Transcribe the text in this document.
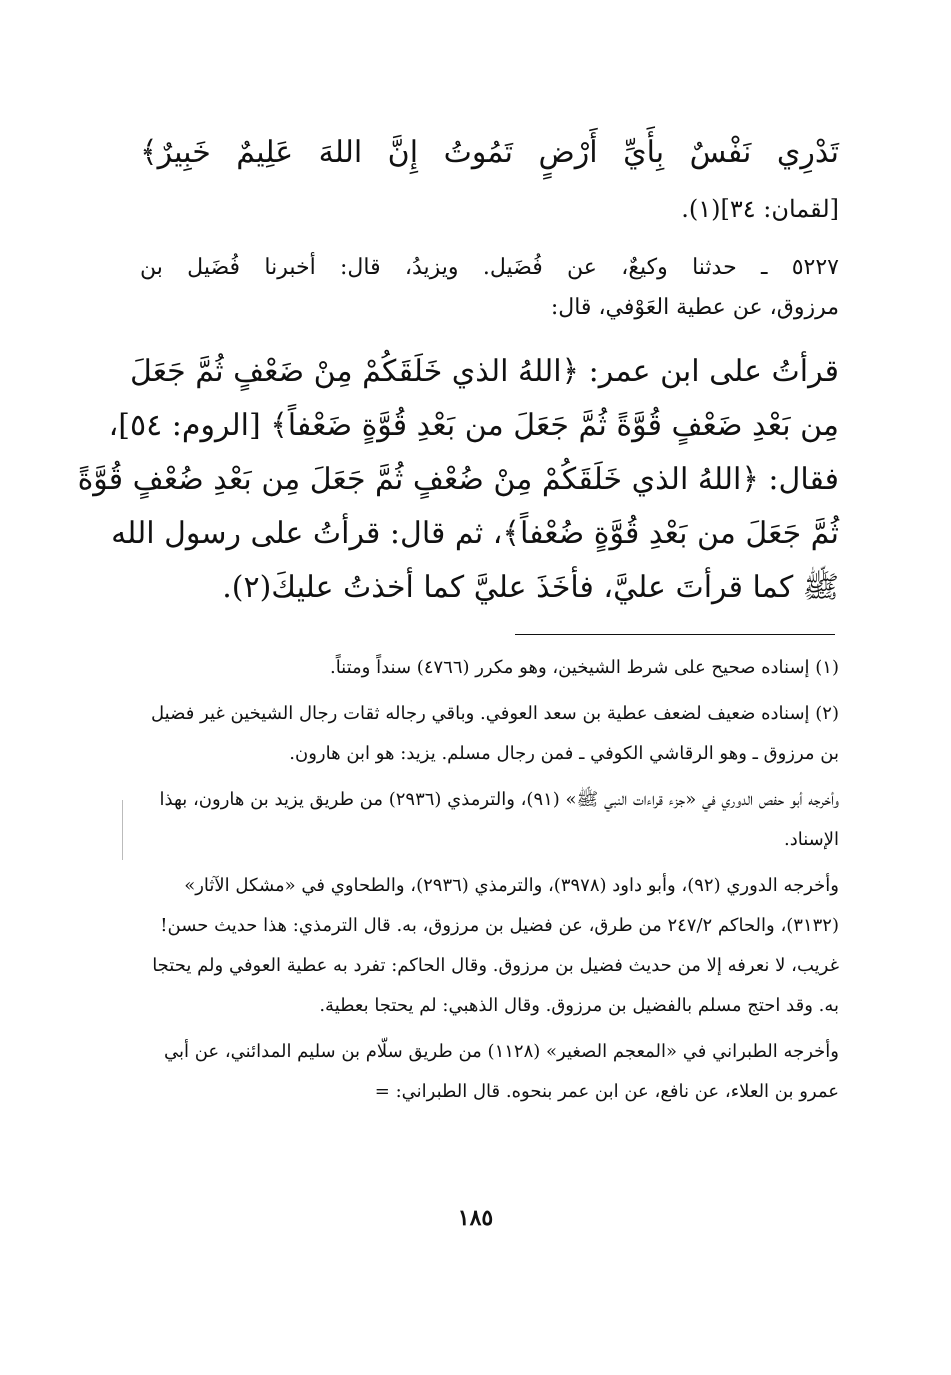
تَدْرِي نَفْسٌ بِأَيِّ أَرْضٍ تَمُوتُ إِنَّ اللهَ عَلِيمٌ خَبِيرٌ﴾
[لقمان: ٣٤](١).
٥٢٢٧ ـ حدثنا وكيعٌ، عن فُضَيل. ويزيدُ، قال: أخبرنا فُضَيل بن
مرزوق، عن عطية العَوْفي، قال:
قرأتُ على ابن عمر: ﴿اللهُ الذي خَلَقَكُمْ مِنْ ضَعْفٍ ثُمَّ جَعَلَ
مِن بَعْدِ ضَعْفٍ قُوَّةً ثُمَّ جَعَلَ من بَعْدِ قُوَّةٍ ضَعْفاً﴾ [الروم: ٥٤]،
فقال: ﴿اللهُ الذي خَلَقَكُمْ مِنْ ضُعْفٍ ثُمَّ جَعَلَ مِن بَعْدِ ضُعْفٍ قُوَّةً
ثُمَّ جَعَلَ من بَعْدِ قُوَّةٍ ضُعْفاً﴾، ثم قال: قرأتُ على رسول الله
ﷺ كما قرأتَ عليَّ، فأخَذَ عليَّ كما أخذتُ عليكَ(٢).
(١) إسناده صحيح على شرط الشيخين، وهو مكرر (٤٧٦٦) سنداً ومتناً.
(٢) إسناده ضعيف لضعف عطية بن سعد العوفي. وباقي رجاله ثقات رجال الشيخين غير فضيل بن مرزوق ـ وهو الرقاشي الكوفي ـ فمن رجال مسلم. يزيد: هو ابن هارون.
وأخرجه أبو حفص الدوري في «جزء قراءات النبي ﷺ» (٩١)، والترمذي (٢٩٣٦) من طريق يزيد بن هارون، بهذا الإسناد.
وأخرجه الدوري (٩٢)، وأبو داود (٣٩٧٨)، والترمذي (٢٩٣٦)، والطحاوي في «مشكل الآثار» (٣١٣٢)، والحاكم ٢٤٧/٢ من طرق، عن فضيل بن مرزوق، به. قال الترمذي: هذا حديث حسن! غريب، لا نعرفه إلا من حديث فضيل بن مرزوق. وقال الحاكم: تفرد به عطية العوفي ولم يحتجا به. وقد احتج مسلم بالفضيل بن مرزوق. وقال الذهبي: لم يحتجا بعطية.
وأخرجه الطبراني في «المعجم الصغير» (١١٢٨) من طريق سلّام بن سليم المدائني، عن أبي عمرو بن العلاء، عن نافع، عن ابن عمر بنحوه. قال الطبراني: =
١٨٥
